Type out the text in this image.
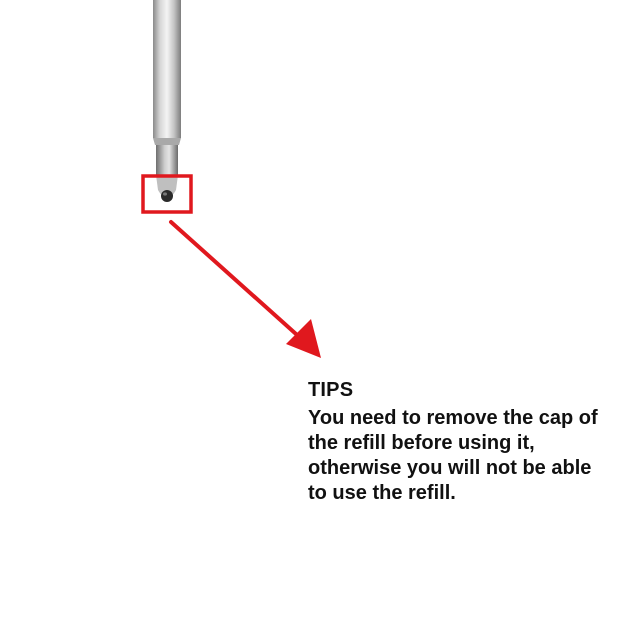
TIPS

You need to remove the cap of
the refill before using it,
otherwise you will not be able
to use the refill.
